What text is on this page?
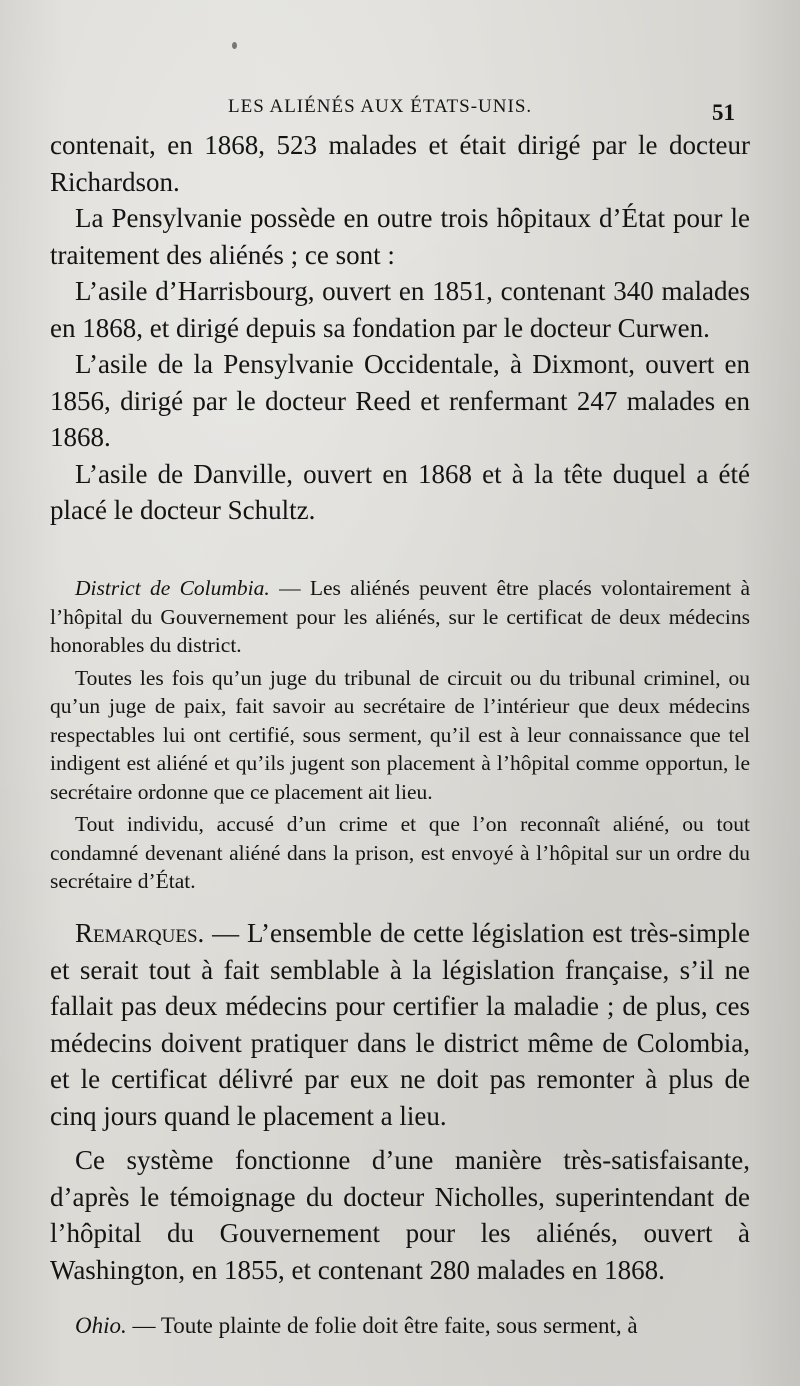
LES ALIÉNÉS AUX ÉTATS-UNIS.	51

contenait, en 1868, 523 malades et était dirigé par le docteur Richardson.

La Pensylvanie possède en outre trois hôpitaux d’État pour le traitement des aliénés ; ce sont :

L’asile d’Harrisbourg, ouvert en 1851, contenant 340 malades en 1868, et dirigé depuis sa fondation par le docteur Curwen.

L’asile de la Pensylvanie Occidentale, à Dixmont, ouvert en 1856, dirigé par le docteur Reed et renfermant 247 malades en 1868.

L’asile de Danville, ouvert en 1868 et à la tête duquel a été placé le docteur Schultz.

District de Columbia. — Les aliénés peuvent être placés volontairement à l’hôpital du Gouvernement pour les aliénés, sur le certificat de deux médecins honorables du district.

Toutes les fois qu’un juge du tribunal de circuit ou du tribunal criminel, ou qu’un juge de paix, fait savoir au secrétaire de l’intérieur que deux médecins respectables lui ont certifié, sous serment, qu’il est à leur connaissance que tel indigent est aliéné et qu’ils jugent son placement à l’hôpital comme opportun, le secrétaire ordonne que ce placement ait lieu.

Tout individu, accusé d’un crime et que l’on reconnaît aliéné, ou tout condamné devenant aliéné dans la prison, est envoyé à l’hôpital sur un ordre du secrétaire d’État.

Remarques. — L’ensemble de cette législation est très-simple et serait tout à fait semblable à la législation française, s’il ne fallait pas deux médecins pour certifier la maladie ; de plus, ces médecins doivent pratiquer dans le district même de Colombia, et le certificat délivré par eux ne doit pas remonter à plus de cinq jours quand le placement a lieu.

Ce système fonctionne d’une manière très-satisfaisante, d’après le témoignage du docteur Nicholles, superintendant de l’hôpital du Gouvernement pour les aliénés, ouvert à Washington, en 1855, et contenant 280 malades en 1868.

Ohio. — Toute plainte de folie doit être faite, sous serment, à
